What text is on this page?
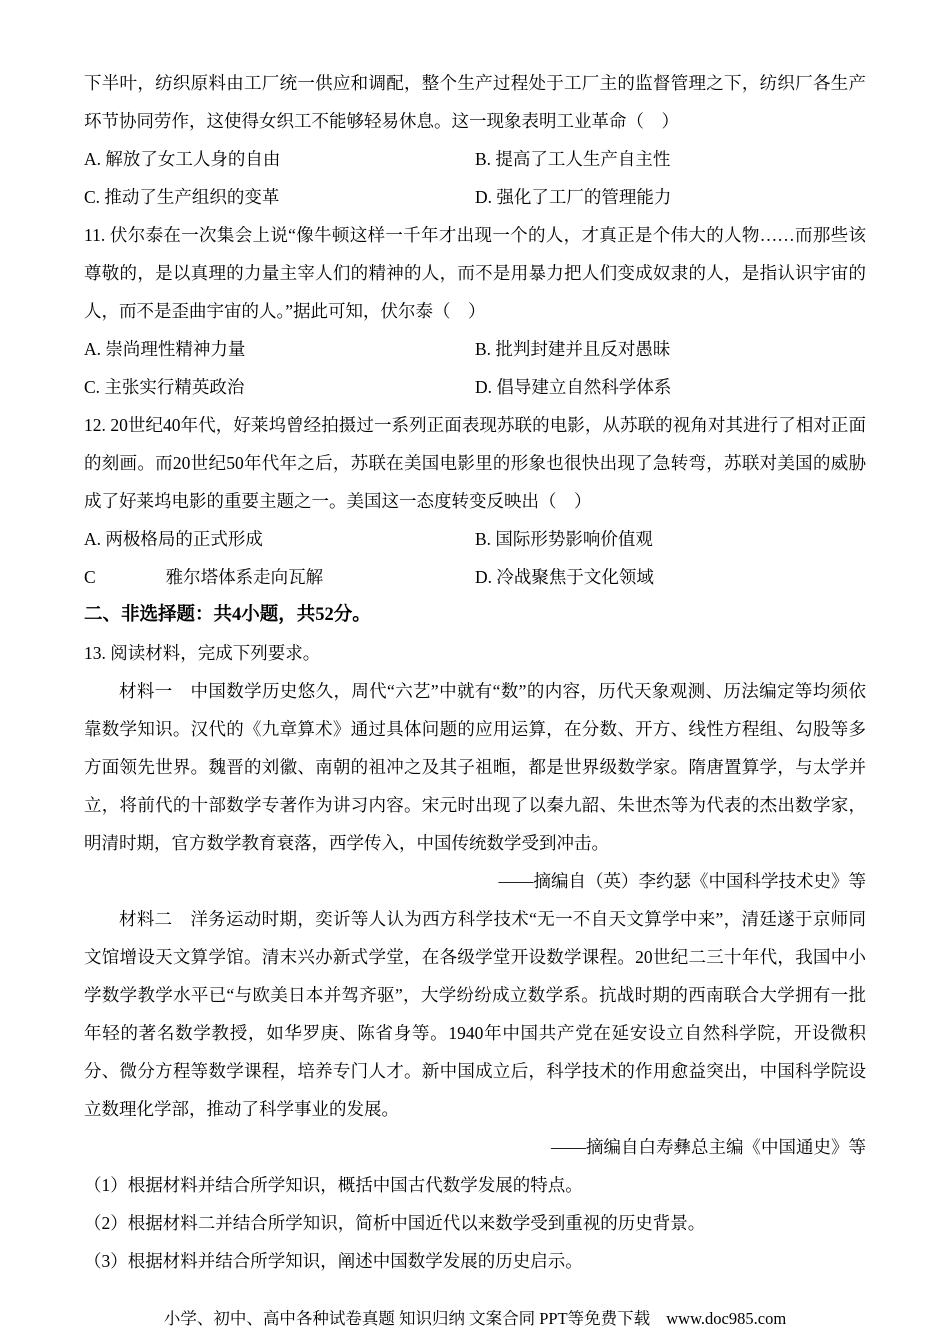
下半叶，纺织原料由工厂统一供应和调配，整个生产过程处于工厂主的监督管理之下，纺织厂各生产环节协同劳作，这使得女织工不能够轻易休息。这一现象表明工业革命（　）

A. 解放了女工人身的自由	B. 提高了工人生产自主性
C. 推动了生产组织的变革	D. 强化了工厂的管理能力

11. 伏尔泰在一次集会上说“像牛顿这样一千年才出现一个的人，才真正是个伟大的人物……而那些该尊敬的，是以真理的力量主宰人们的精神的人，而不是用暴力把人们变成奴隶的人，是指认识宇宙的人，而不是歪曲宇宙的人。”据此可知，伏尔泰（　）

A. 崇尚理性精神力量	B. 批判封建并且反对愚昧
C. 主张实行精英政治	D. 倡导建立自然科学体系

12. 20世纪40年代，好莱坞曾经拍摄过一系列正面表现苏联的电影，从苏联的视角对其进行了相对正面的刻画。而20世纪50年代年之后，苏联在美国电影里的形象也很快出现了急转弯，苏联对美国的威胁成了好莱坞电影的重要主题之一。美国这一态度转变反映出（　）

A. 两极格局的正式形成	B. 国际形势影响价值观
C　　　　雅尔塔体系走向瓦解	D. 冷战聚焦于文化领域
二、非选择题：共4小题，共52分。

13. 阅读材料，完成下列要求。

材料一　中国数学历史悠久，周代“六艺”中就有“数”的内容，历代天象观测、历法编定等均须依靠数学知识。汉代的《九章算术》通过具体问题的应用运算，在分数、开方、线性方程组、勾股等多方面领先世界。魏晋的刘徽、南朝的祖冲之及其子祖暅，都是世界级数学家。隋唐置算学，与太学并立，将前代的十部数学专著作为讲习内容。宋元时出现了以秦九韶、朱世杰等为代表的杰出数学家，明清时期，官方数学教育衰落，西学传入，中国传统数学受到冲击。

——摘编自（英）李约瑟《中国科学技术史》等

材料二　洋务运动时期，奕䜣等人认为西方科学技术“无一不自天文算学中来”，清廷遂于京师同文馆增设天文算学馆。清末兴办新式学堂，在各级学堂开设数学课程。20世纪二三十年代，我国中小学数学教学水平已“与欧美日本并驾齐驱”，大学纷纷成立数学系。抗战时期的西南联合大学拥有一批年轻的著名数学教授，如华罗庚、陈省身等。1940年中国共产党在延安设立自然科学院，开设微积分、微分方程等数学课程，培养专门人才。新中国成立后，科学技术的作用愈益突出，中国科学院设立数理化学部，推动了科学事业的发展。

——摘编自白寿彝总主编《中国通史》等

（1）根据材料并结合所学知识，概括中国古代数学发展的特点。

（2）根据材料二并结合所学知识，简析中国近代以来数学受到重视的历史背景。

（3）根据材料并结合所学知识，阐述中国数学发展的历史启示。

小学、初中、高中各种试卷真题 知识归纳 文案合同 PPT等免费下载 www.doc985.com
